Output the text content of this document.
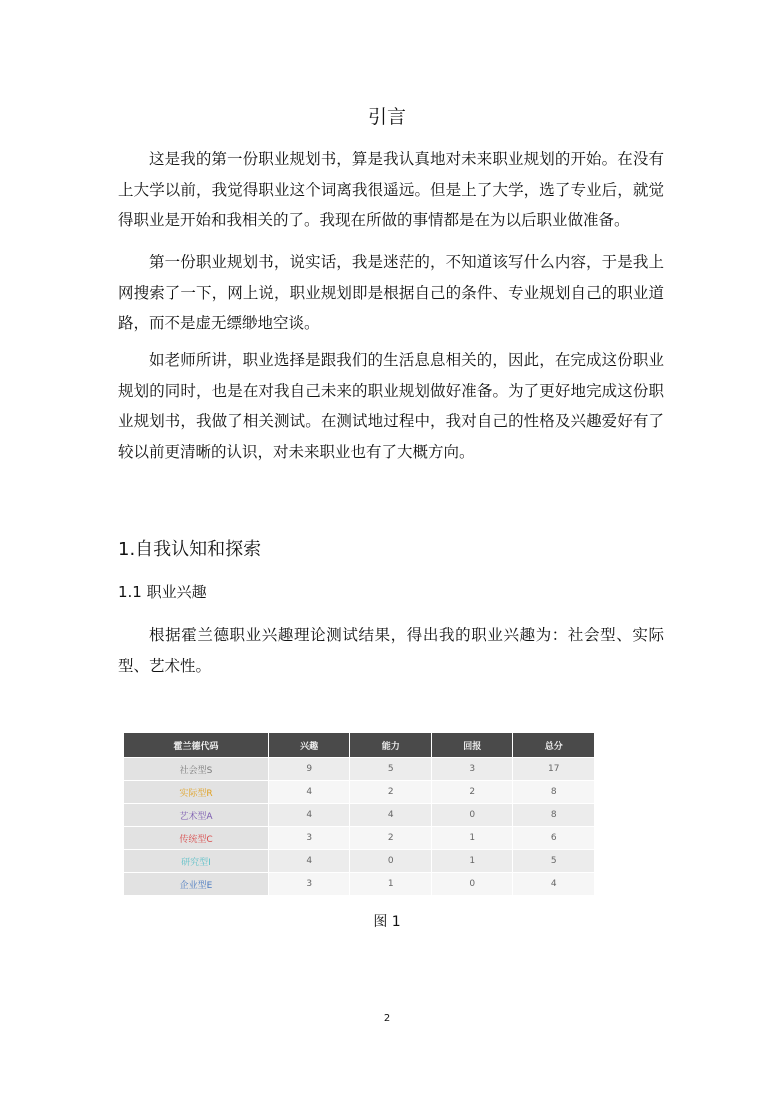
引言

这是我的第一份职业规划书，算是我认真地对未来职业规划的开始。在没有上大学以前，我觉得职业这个词离我很遥远。但是上了大学，选了专业后，就觉得职业是开始和我相关的了。我现在所做的事情都是在为以后职业做准备。

第一份职业规划书，说实话，我是迷茫的，不知道该写什么内容，于是我上网搜索了一下，网上说，职业规划即是根据自己的条件、专业规划自己的职业道路，而不是虚无缥缈地空谈。

如老师所讲，职业选择是跟我们的生活息息相关的，因此，在完成这份职业规划的同时，也是在对我自己未来的职业规划做好准备。为了更好地完成这份职业规划书，我做了相关测试。在测试地过程中，我对自己的性格及兴趣爱好有了较以前更清晰的认识，对未来职业也有了大概方向。

1.自我认知和探索
1.1 职业兴趣

根据霍兰德职业兴趣理论测试结果，得出我的职业兴趣为：社会型、实际型、艺术性。

霍兰德代码	兴趣	能力	回报	总分
社会型S	9	5	3	17
实际型R	4	2	2	8
艺术型A	4	4	0	8
传统型C	3	2	1	6
研究型I	4	0	1	5
企业型E	3	1	0	4
图 1
2
